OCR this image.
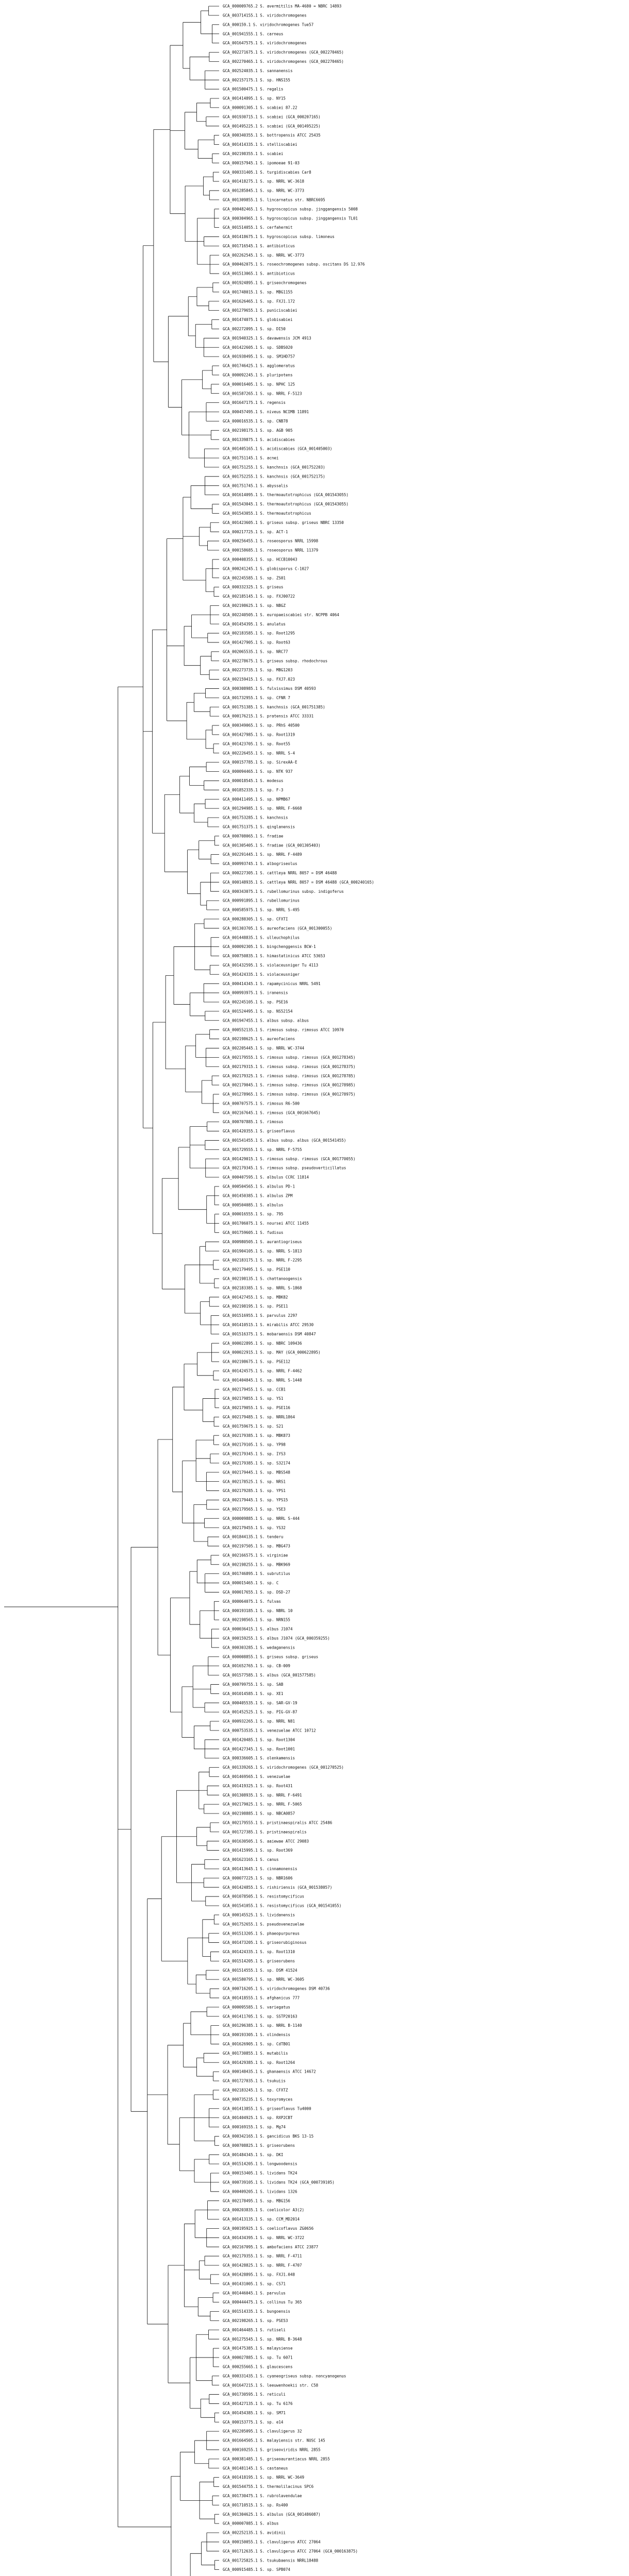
GCA_000009765.2 S. avermitilis MA-4680 = NBRC 14893
GCA_003714155.1 S. viridochromogenes
GCA_000159.1 S. viridochromogenes Tue57
GCA_001941555.1 S. carneus
GCA_001647575.1 S. viridochromogenes
GCA_002271675.1 S. viridochromogenes (GCA_002270465)
GCA_002270465.1 S. viridochromogenes (GCA_002270465)
GCA_002524035.1 S. sannanensis
GCA_002157175.1 S. sp. HNS155
GCA_001500475.1 S. regalis
GCA_001414895.1 S. sp. NY15
GCA_000091305.1 S. scabiei 87.22
GCA_001930715.1 S. scabiei (GCA_000207165)
GCA_001495225.1 S. scabiei (GCA_001495225)
GCA_000340355.1 S. bottropensis ATCC 25435
GCA_001414335.1 S. stelliscabiei
GCA_002198355.1 S. scabiei
GCA_000157945.1 S. ipomoeae 91-03
GCA_000331405.1 S. turgidiscabies Car8
GCA_001418275.1 S. sp. NRRL WC-3618
GCA_001285845.1 S. sp. NRRL WC-3773
GCA_001309855.1 S. lincarnatus str. NBRC6695
GCA_000482465.1 S. hygroscopicus subsp. jinggangensis 5008
GCA_000304965.1 S. hygroscopicus subsp. jinggangensis TL01
GCA_001514055.1 S. cerfahermit
GCA_001418675.1 S. hygroscopicus subsp. limoneus
GCA_001716545.1 S. antibioticus
GCA_002262545.1 S. sp. NRRL WC-3773
GCA_000462075.1 S. roseochromogenes subsp. oscitans DS 12.976
GCA_001513065.1 S. antibioticus
GCA_001924895.1 S. griseochromogenes
GCA_001748015.1 S. sp. MBG1155
GCA_001626465.1 S. sp. FXJ1.172
GCA_001279655.1 S. puniciscabiei
GCA_001474075.1 S. globisabiei
GCA_002272095.1 S. sp. DI50
GCA_001940325.1 S. davawensis JCM 4913
GCA_001422605.1 S. sp. SDBS020
GCA_001938495.1 S. sp. SM1HD757
GCA_001746425.1 S. agglomeratus
GCA_000092245.1 S. pluripotens
GCA_000016405.1 S. sp. NPHC 125
GCA_001587265.1 S. sp. NRRL F-5123
GCA_001647175.1 S. regensis
GCA_000457495.1 S. niveus NCIMB 11891
GCA_000016535.1 S. sp. CNB78
GCA_002198175.1 S. sp. AGB 905
GCA_001339875.1 S. acidiscabies
GCA_001405165.1 S. acidiscabies (GCA_001405003)
GCA_001751145.1 S. acnei
GCA_001751255.1 S. kanchnsis (GCA_001752203)
GCA_001752255.1 S. kanchnsis (GCA_001752175)
GCA_001751745.1 S. abyssalis
GCA_001614095.1 S. thermoautotrophicus (GCA_001543055)
GCA_001543045.1 S. thermoautotrophicus (GCA_001543055)
GCA_001543055.1 S. thermoautotrophicus
GCA_001423605.1 S. griseus subsp. griseus NBRC 13350
GCA_000217725.1 S. sp. ACT-1
GCA_000256455.1 S. roseosporus NRRL 15998
GCA_000158685.1 S. roseosporus NRRL 11379
GCA_000408355.1 S. sp. HCCB10043
GCA_000241245.1 S. globisporus C-1027
GCA_002245585.1 S. sp. ZS01
GCA_000332325.1 S. griseus
GCA_002185145.1 S. sp. FXJ00722
GCA_002198625.1 S. sp. NBGZ
GCA_002240505.1 S. europaeiscabiei str. NCPPB 4064
GCA_001454395.1 S. anulatus
GCA_002183585.1 S. sp. Root1295
GCA_001427905.1 S. sp. Root63
GCA_002065535.1 S. sp. NRC77
GCA_002278675.1 S. griseus subsp. rhodochrous
GCA_002273735.1 S. sp. MBG1203
GCA_002159415.1 S. sp. FXJ7.023
GCA_000308985.1 S. fulvissimus DSM 40593
GCA_001732955.1 S. sp. CFNR 7
GCA_001751385.1 S. kanchnsis (GCA_001751385)
GCA_000176215.1 S. pratensis ATCC 33331
GCA_000349065.1 S. sp. PRhS 40500
GCA_001427985.1 S. sp. Root1319
GCA_001423705.1 S. sp. Root55
GCA_002226455.1 S. sp. NRRL S-4
GCA_000157785.1 S. sp. SirexAA-E
GCA_000094465.1 S. sp. NTK 937
GCA_000018545.1 S. modesus
GCA_001852335.1 S. sp. F-3
GCA_000411495.1 S. sp. NPMB67
GCA_001294985.1 S. sp. NRRL F-6668
GCA_001753285.1 S. kanchnsis
GCA_001751375.1 S. qinglanensis
GCA_000708065.1 S. fradiae
GCA_001305405.1 S. fradiae (GCA_001305403)
GCA_002291445.1 S. sp. NRRL F-4489
GCA_000993745.1 S. albogriseolus
GCA_000227305.1 S. cattleya NRRL 8057 = DSM 46488
GCA_000148935.1 S. cattleya NRRL 8057 = DSM 46488 (GCA_000240165)
GCA_000343075.1 S. rubellomurinus subsp. indigoferus
GCA_000991895.1 S. rubellomurinus
GCA_000585975.1 S. sp. NRRL S-495
GCA_000288305.1 S. sp. CFXTI
GCA_001303705.1 S. aureofaciens (GCA_001300055)
GCA_001448835.1 S. ulleuchophilus
GCA_000092305.1 S. bingchenggensis BCW-1
GCA_000750835.1 S. himastatinicus ATCC 53653
GCA_001432595.1 S. violaceusniger Tu 4113
GCA_001424335.1 S. violaceusniger
GCA_000414345.1 S. rapamycinicus NRRL 5491
GCA_000993975.1 S. iranensis
GCA_002245105.1 S. sp. PSE16
GCA_001524495.1 S. sp. NS52154
GCA_001947455.1 S. albus subsp. albus
GCA_000552135.1 S. rimosus subsp. rimosus ATCC 10970
GCA_002198625.1 S. aureofaciens
GCA_002205445.1 S. sp. NRRL WC-3744
GCA_002179555.1 S. rimosus subsp. rimosus (GCA_001278345)
GCA_002179315.1 S. rimosus subsp. rimosus (GCA_001278375)
GCA_002179325.1 S. rimosus subsp. rimosus (GCA_001278785)
GCA_002179045.1 S. rimosus subsp. rimosus (GCA_001278985)
GCA_001278965.1 S. rimosus subsp. rimosus (GCA_001278975)
GCA_000707575.1 S. rimosus R6-500
GCA_002167645.1 S. rimosus (GCA_001667645)
GCA_000707885.1 S. rimosus
GCA_001420355.1 S. griseoflavus
GCA_001541455.1 S. albus subsp. albus (GCA_001541455)
GCA_001729555.1 S. sp. NRRL F-5755
GCA_001429015.1 S. rimosus subsp. rimosus (GCA_001770055)
GCA_002179345.1 S. rimosus subsp. pseudoverticillatus
GCA_000407595.1 S. albulus CCRC 11814
GCA_000504565.1 S. albulus PD-1
GCA_001450385.1 S. albulus ZPM
GCA_000504085.1 S. albulus
GCA_000016555.1 S. sp. 795
GCA_001706075.1 S. noursei ATCC 11455
GCA_001759605.1 S. fudisus
GCA_000980505.1 S. aurantiogriseus
GCA_001904105.1 S. sp. NRRL S-1813
GCA_002183175.1 S. sp. NRRL F-2295
GCA_002179495.1 S. sp. PSE110
GCA_002198135.1 S. chattanoogensis
GCA_002183385.1 S. sp. NRRL S-1868
GCA_001427455.1 S. sp. MBK82
GCA_002198195.1 S. sp. PSE11
GCA_001516955.1 S. parvulus 2297
GCA_001410515.1 S. mirabilis ATCC 29530
GCA_001516375.1 S. mobaraensis DSM 40847
GCA_000022895.1 S. sp. NBRC 109436
GCA_000022915.1 S. sp. MAY (GCA_000622895)
GCA_002198675.1 S. sp. PSE112
GCA_001424575.1 S. sp. NRRL F-4462
GCA_001404845.1 S. sp. NRRL S-1448
GCA_002179455.1 S. sp. CCB1
GCA_002179855.1 S. sp. YS1
GCA_002179055.1 S. sp. PSE116
GCA_002179485.1 S. sp. NRRL1864
GCA_001759675.1 S. sp. S21
GCA_002179385.1 S. sp. MBK873
GCA_002179105.1 S. sp. YP98
GCA_002179345.1 S. sp. IYS3
GCA_002179385.1 S. sp. S32174
GCA_002179445.1 S. sp. MBS548
GCA_002178525.1 S. sp. NRS1
GCA_002179285.1 S. sp. YPS1
GCA_002179445.1 S. sp. YPS15
GCA_002179565.1 S. sp. YSE3
GCA_000009885.1 S. sp. NRRL S-444
GCA_002179455.1 S. sp. YS32
GCA_001844135.1 S. tenderu
GCA_002197505.1 S. sp. MBG473
GCA_002166575.1 S. virginiae
GCA_002198255.1 S. sp. MBK969
GCA_001746895.1 S. subrutilus
GCA_000015465.1 S. sp. C
GCA_000017655.1 S. sp. DSD-27
GCA_000064075.1 S. fulvas
GCA_000193185.1 S. sp. NBRL 10
GCA_002198565.1 S. sp. NRN155
GCA_000036415.1 S. albus J1074
GCA_000159255.1 S. albus J1074 (GCA_000359255)
GCA_000303285.1 S. wedaganensis
GCA_000008855.1 S. griseus subsp. griseus
GCA_001652765.1 S. sp. CB-009
GCA_001577585.1 S. albus (GCA_001577585)
GCA_000799755.1 S. sp. SAB
GCA_001014585.1 S. sp. XE1
GCA_000405535.1 S. sp. SAR-GV-19
GCA_001452525.1 S. sp. PIG-GV-87
GCA_000932265.1 S. sp. NRRL N81
GCA_000753535.1 S. venezuelae ATCC 10712
GCA_001420485.1 S. sp. Root1304
GCA_001427345.1 S. sp. Root1001
GCA_000336605.1 S. olenkamensis
GCA_001339265.1 S. viridochromogenes (GCA_001270525)
GCA_001469565.1 S. venezuelae
GCA_001419325.1 S. sp. Root431
GCA_001308935.1 S. sp. NRRL F-6491
GCA_002179025.1 S. sp. NRRL F-5065
GCA_002198885.1 S. sp. NBCA0857
GCA_002179555.1 S. pristinaespiralis ATCC 25486
GCA_001727385.1 S. pristinaespiralis
GCA_001630505.1 S. aaiewae ATCC 29083
GCA_001415995.1 S. sp. Root369
GCA_001623165.1 S. canus
GCA_001413645.1 S. cinnamonensis
GCA_000077225.1 S. sp. NBR1606
GCA_001424855.1 S. rishiriensis (GCA_001538057)
GCA_001078505.1 S. resistomycificus
GCA_001541055.1 S. resistomycificus (GCA_001541055)
GCA_000145525.1 S. lividanensis
GCA_001752655.1 S. pseudovenezuelae
GCA_001513205.1 S. phaeopurpureus
GCA_001473205.1 S. griseorubiginosus
GCA_001424335.1 S. sp. Root1310
GCA_001514205.1 S. griseorubens
GCA_001514555.1 S. sp. DSM 41524
GCA_001580795.1 S. sp. NRRL WC-3605
GCA_000716205.1 S. viridochromogenes DSM 40736
GCA_001418555.1 S. afghanicus 777
GCA_000095585.1 S. variegatus
GCA_001411705.1 S. sp. SSTP20163
GCA_001296385.1 S. sp. NRRL B-1140
GCA_000193305.1 S. olindensis
GCA_001626905.1 S. sp. CdTB01
GCA_001730855.1 S. mutabilis
GCA_001429385.1 S. sp. Root1264
GCA_000148435.1 S. ghanaensis ATCC 14672
GCA_001727035.1 S. tsukuiis
GCA_002183245.1 S. sp. CFXTZ
GCA_000735235.1 S. toxyromyces
GCA_001413855.1 S. griseoflavus Tu4000
GCA_001404925.1 S. sp. RXP2CBT
GCA_000169155.1 S. sp. Mg74
GCA_000342165.1 S. gancidicus BKS 13-15
GCA_000708825.1 S. griseorubens
GCA_001484345.1 S. sp. DKI
GCA_001514205.1 S. longwoodensis
GCA_000153405.1 S. lividans TK24
GCA_000739105.1 S. lividans TK24 (GCA_000739105)
GCA_000409205.1 S. lividans 1326
GCA_002178495.1 S. sp. MBG156
GCA_000203835.1 S. coelicolor A3(2)
GCA_001413135.1 S. sp. CCM_MD2014
GCA_000195925.1 S. coelicoflavus ZG0656
GCA_001434395.1 S. sp. NRRL WC-3722
GCA_002167095.1 S. ambofaciens ATCC 23877
GCA_002179355.1 S. sp. NRRL F-4711
GCA_001428825.1 S. sp. NRRL F-4707
GCA_001428895.1 S. sp. FXJ1.048
GCA_001431005.1 S. sp. CS71
GCA_001446045.1 S. parvulus
GCA_000444475.1 S. collinus Tu 365
GCA_001514335.1 S. bungoensis
GCA_002198265.1 S. sp. PSE53
GCA_001464485.1 S. rutiseli
GCA_001275545.1 S. sp. NRRL B-3648
GCA_001475385.1 S. malaysiense
GCA_000027885.1 S. sp. Tu 6071
GCA_000255665.1 S. glaucescens
GCA_000331435.1 S. cyaneogriseus subsp. noncyanogenus
GCA_001647215.1 S. leeuwenhoekii str. C58
GCA_001730595.1 S. reticuli
GCA_001427135.1 S. sp. Tu 6176
GCA_001454385.1 S. sp. SM71
GCA_000153775.1 S. sp. e14
GCA_002205095.1 S. clavuligerus 32
GCA_001664505.1 S. malayiensis str. NUSC 145
GCA_000169255.1 S. griseoviridis NRRL 2855
GCA_000381485.1 S. griseoaurantiacus NRRL 2855
GCA_001481145.1 S. castaneus
GCA_001418195.1 S. sp. NRRL WC-3649
GCA_001544755.1 S. thermolilacinus SPC6
GCA_001730475.1 S. rubrolavendulae
GCA_001710515.1 S. sp. Rs400
GCA_001304625.1 S. albulus (GCA_001486087)
GCA_000007085.1 S. albus
GCA_002252135.1 S. avidinii
GCA_000150055.1 S. clavuligerus ATCC 27064
GCA_001712635.1 S. clavuligerus ATCC 27064 (GCA_000163875)
GCA_001725825.1 S. tsukubaensis NRRL18488
GCA_000915485.1 S. sp. SPB074
